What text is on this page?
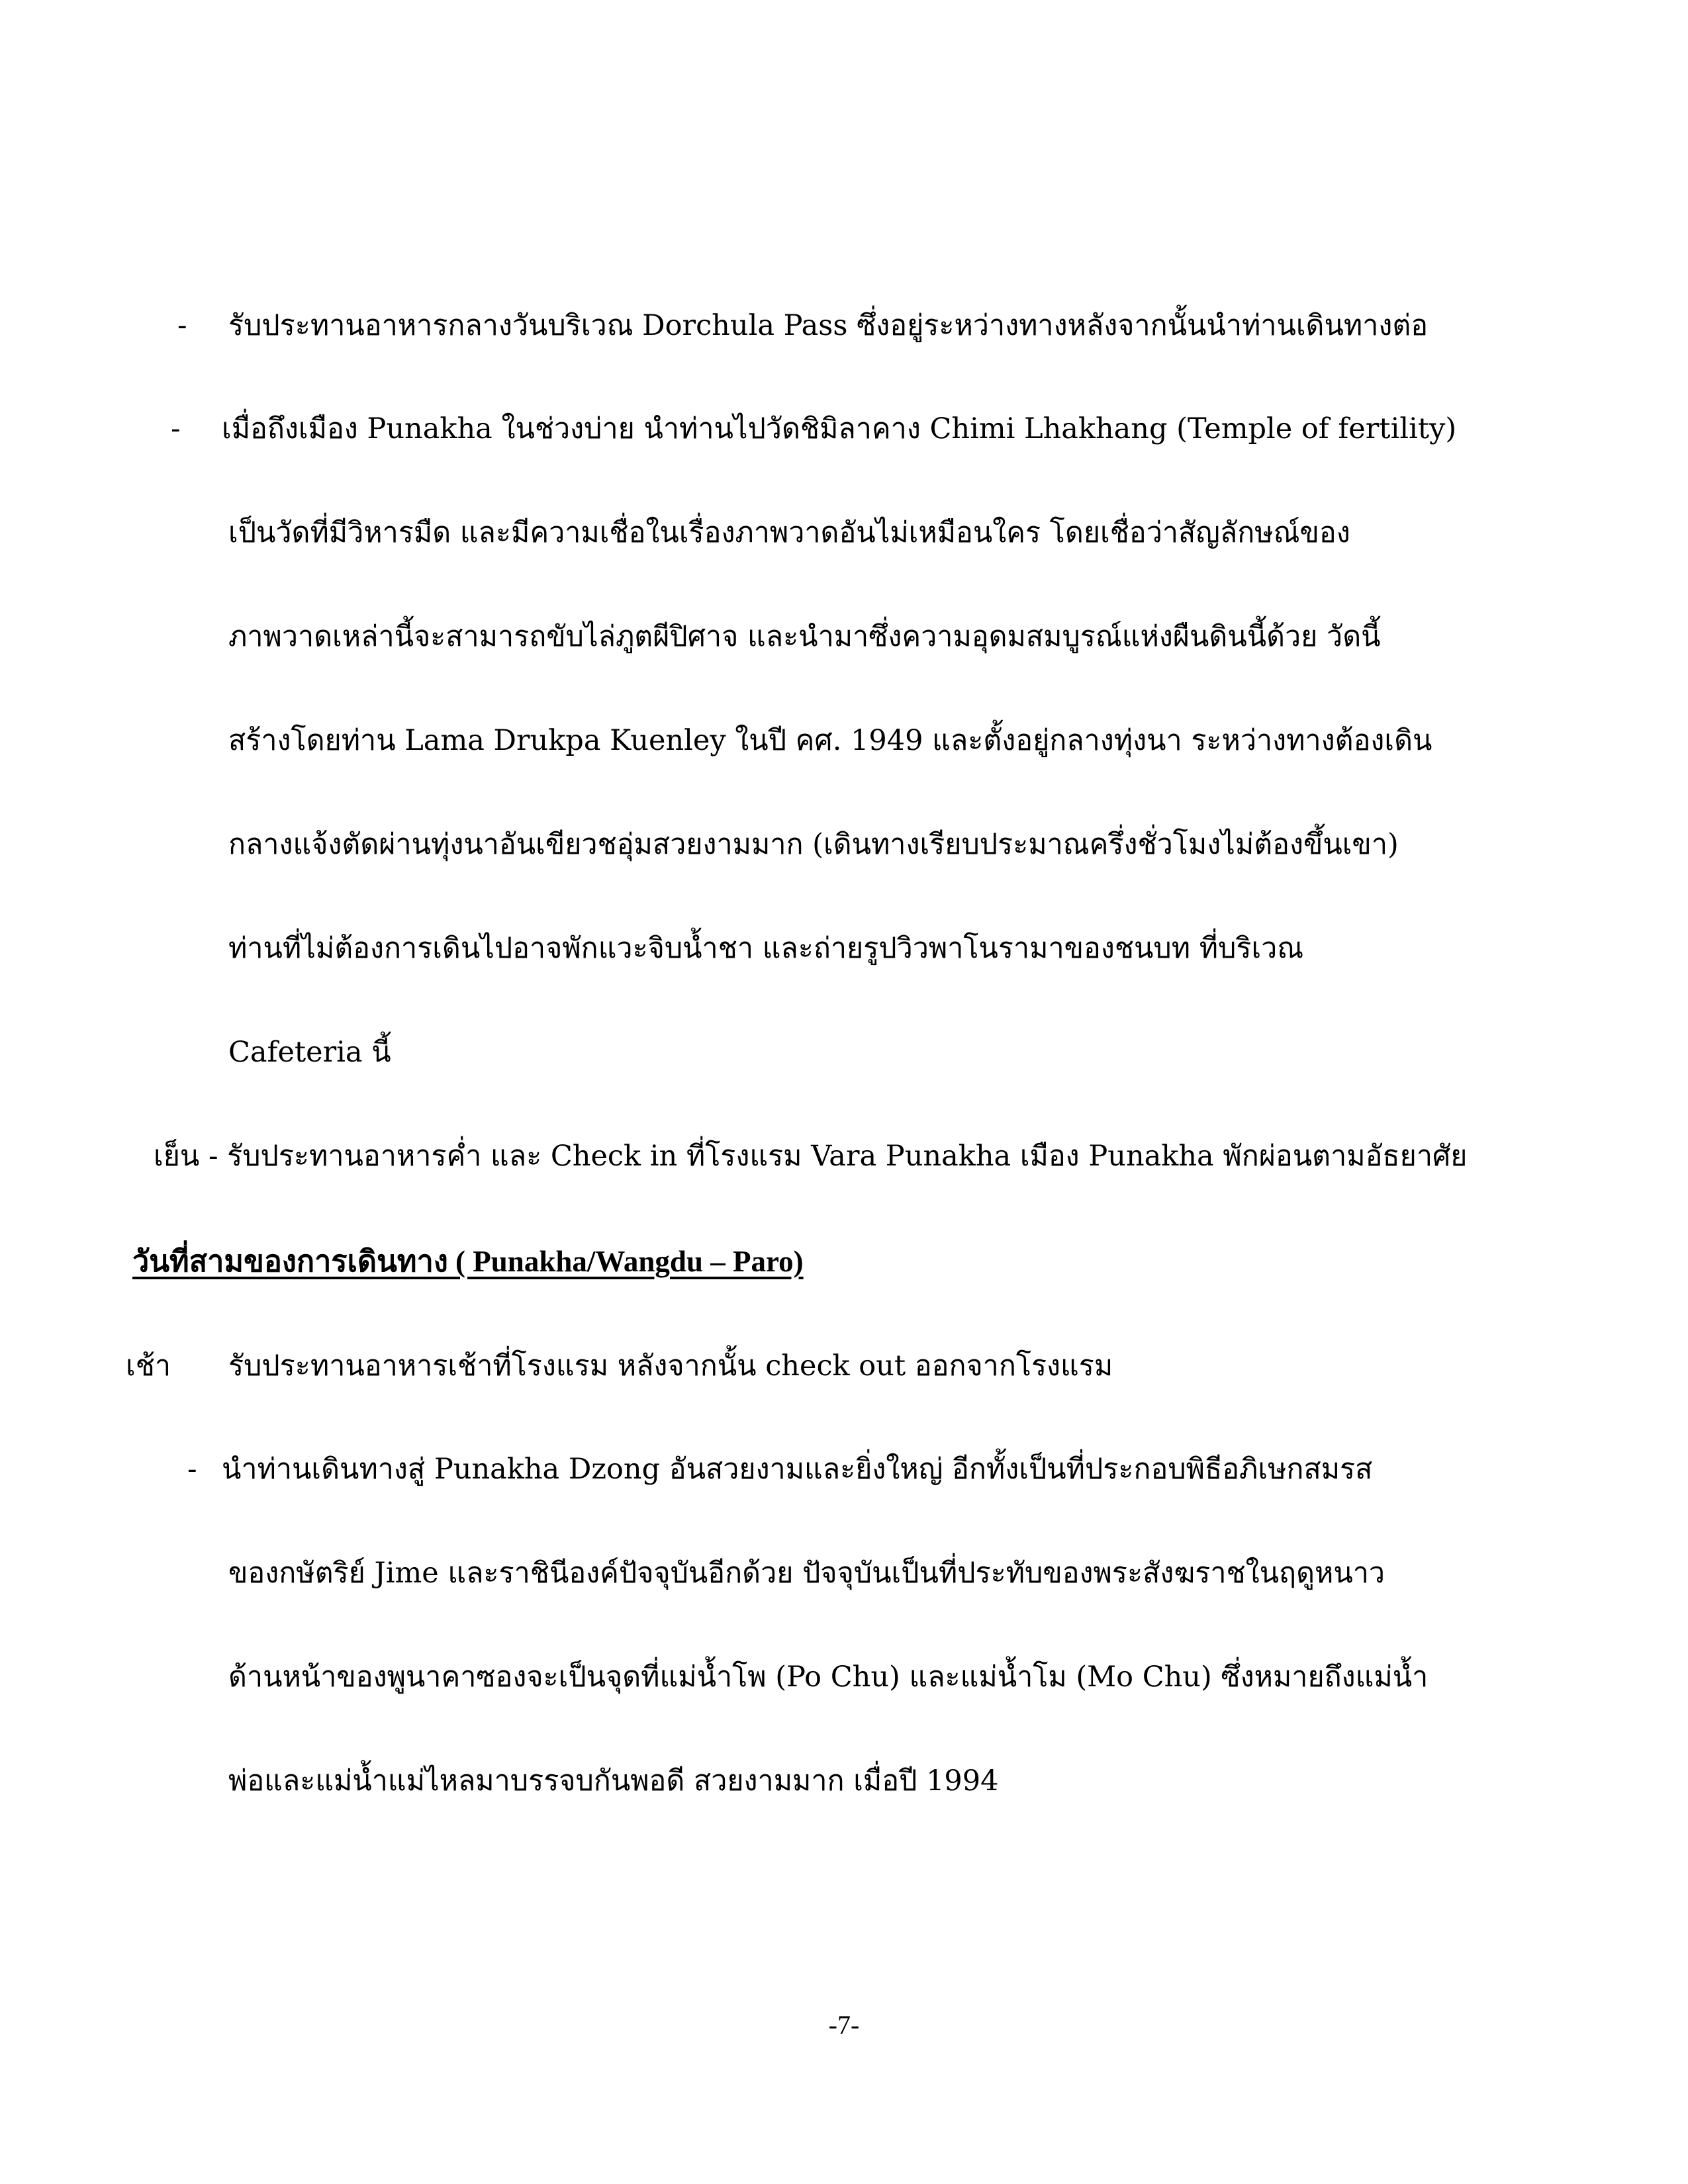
- รับประทานอาหารกลางวันบริเวณ Dorchula Pass ซึ่งอยู่ระหว่างทางหลังจากนั้นนำท่านเดินทางต่อ
- เมื่อถึงเมือง Punakha ในช่วงบ่าย นำท่านไปวัดชิมิลาคาง Chimi Lhakhang (Temple of fertility)
เป็นวัดที่มีวิหารมืด และมีความเชื่อในเรื่องภาพวาดอันไม่เหมือนใคร โดยเชื่อว่าสัญลักษณ์ของ
ภาพวาดเหล่านี้จะสามารถขับไล่ภูตผีปิศาจ และนำมาซึ่งความอุดมสมบูรณ์แห่งผืนดินนี้ด้วย วัดนี้
สร้างโดยท่าน Lama Drukpa Kuenley ในปี คศ. 1949 และตั้งอยู่กลางทุ่งนา ระหว่างทางต้องเดิน
กลางแจ้งตัดผ่านทุ่งนาอันเขียวชอุ่มสวยงามมาก (เดินทางเรียบประมาณครึ่งชั่วโมงไม่ต้องขึ้นเขา)
ท่านที่ไม่ต้องการเดินไปอาจพักแวะจิบน้ำชา และถ่ายรูปวิวพาโนรามาของชนบท ที่บริเวณ
Cafeteria นี้
เย็น - รับประทานอาหารค่ำ และ Check in ที่โรงแรม Vara Punakha เมือง Punakha พักผ่อนตามอัธยาศัย
วันที่สามของการเดินทาง ( Punakha/Wangdu – Paro)
เช้า รับประทานอาหารเช้าที่โรงแรม หลังจากนั้น check out ออกจากโรงแรม
- นำท่านเดินทางสู่ Punakha Dzong อันสวยงามและยิ่งใหญ่ อีกทั้งเป็นที่ประกอบพิธีอภิเษกสมรส
ของกษัตริย์ Jime และราชินีองค์ปัจจุบันอีกด้วย ปัจจุบันเป็นที่ประทับของพระสังฆราชในฤดูหนาว
ด้านหน้าของพูนาคาซองจะเป็นจุดที่แม่น้ำโพ (Po Chu) และแม่น้ำโม (Mo Chu) ซึ่งหมายถึงแม่น้ำ
พ่อและแม่น้ำแม่ไหลมาบรรจบกันพอดี สวยงามมาก เมื่อปี 1994
-7-
